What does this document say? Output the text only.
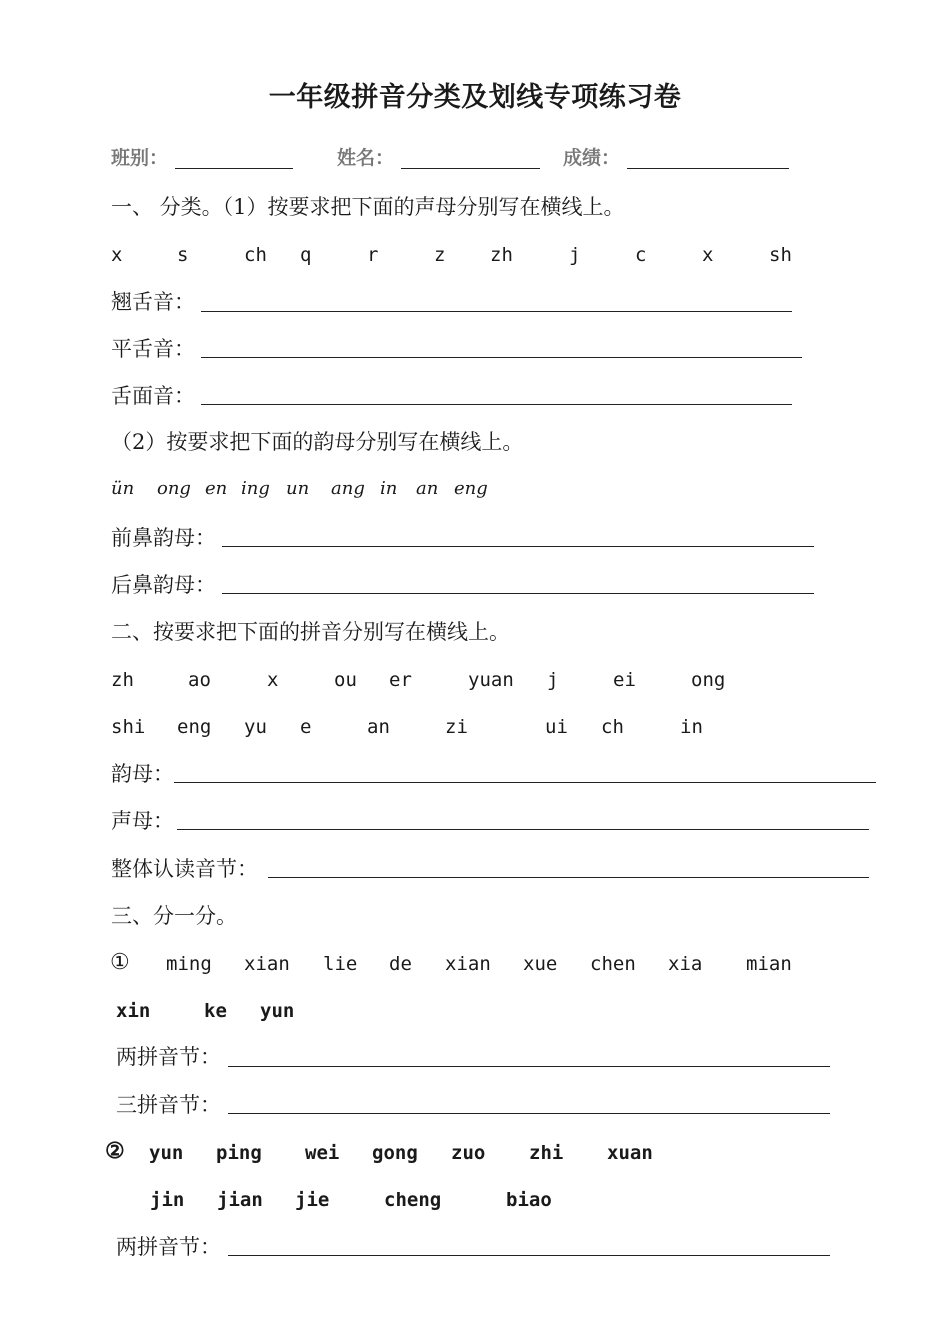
一年级拼音分类及划线专项练习卷
班别：	姓名：	成绩：
一、 分类。（1）按要求把下面的声母分别写在横线上。
x	s	ch q	r	z zh	j	c	x	sh
翘舌音：
平舌音：
舌面音：
（2）按要求把下面的韵母分别写在横线上。
ün ong en ing un ang in an eng
前鼻韵母：
后鼻韵母：
二、按要求把下面的拼音分别写在横线上。
zh	ao	x	ou er	yuan j	ei	ong
shi eng yu e	an	zi	ui ch	in
韵母：
声母：
整体认读音节：
三、分一分。
① ming xian lie de xian xue chen xia mian
xin	ke yun
两拼音节：
三拼音节：
② yun ping wei gong zuo zhi xuan
jin jian jie	cheng	biao
两拼音节：
